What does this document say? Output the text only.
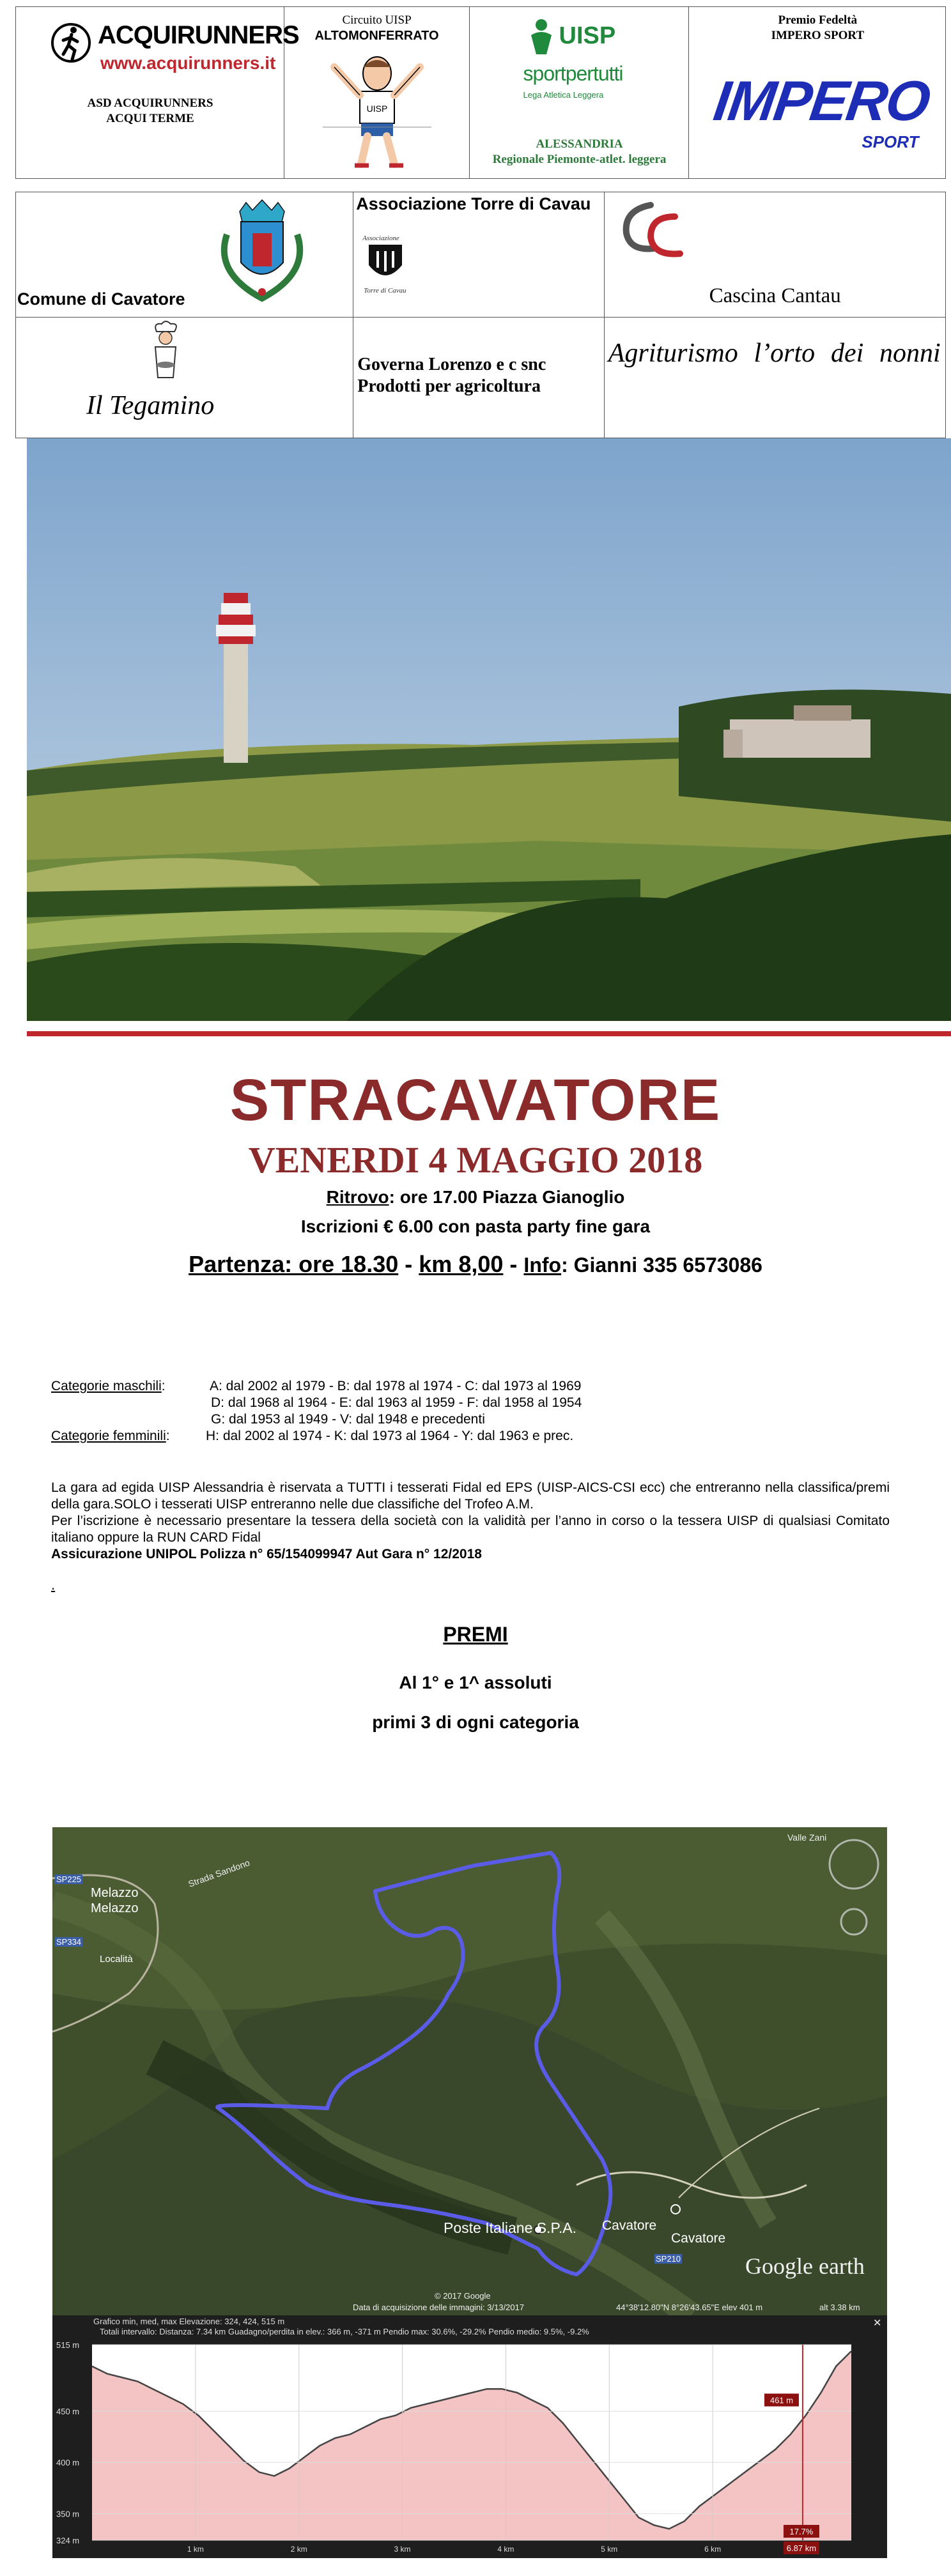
ACQUIRUNNERS
www.acquirunners.it
ASD ACQUIRUNNERS
ACQUI TERME

Circuito UISP
ALTOMONFERRATO
UISP

UISP
sportpertutti
Lega Atletica Leggera
ALESSANDRIA
Regionale Piemonte-atlet. leggera

Premio Fedeltà
IMPERO SPORT
IMPERO
SPORT
Comune di Cavatore	Associazione Torre di Cavau
Associazione
Torre di Cavau	Cascina Cantau

Il Tegamino	Governa Lorenzo e c snc
Prodotti per agricoltura	Agriturismo l’orto dei nonni
STRACAVATORE
VENERDI 4 MAGGIO 2018
Ritrovo: ore 17.00 Piazza Gianoglio
Iscrizioni € 6.00 con pasta party fine gara
Partenza: ore 18.30 - km 8,00 - Info: Gianni 335 6573086
Categorie maschili:	A: dal 2002 al 1979 - B: dal 1978 al 1974 - C: dal 1973 al 1969
D: dal 1968 al 1964 - E: dal 1963 al 1959 - F: dal 1958 al 1954
G: dal 1953 al 1949 - V: dal 1948 e precedenti
Categorie femminili:	H: dal 2002 al 1974 - K: dal 1973 al 1964 - Y: dal 1963 e prec.
La gara ad egida UISP Alessandria è riservata a TUTTI i tesserati Fidal ed EPS (UISP-AICS-CSI ecc) che entreranno nella classifica/premi della gara.SOLO i tesserati UISP entreranno nelle due classifiche del Trofeo A.M.
Per l’iscrizione è necessario presentare la tessera della società con la validità per l’anno in corso o la tessera UISP di qualsiasi Comitato italiano oppure la RUN CARD Fidal
Assicurazione UNIPOL Polizza n° 65/154099947 Aut Gara n° 12/2018
.
PREMI
Al 1° e 1^ assoluti
primi 3 di ogni categoria
SP225
Melazzo
Melazzo
SP334
Località
Strada Sandono
Valle Zani
Poste Italiane S.P.A. Cavatore
Cavatore
SP210
© 2017 Google
Google earth
Data di acquisizione delle immagini: 3/13/2017	44°38'12.80"N 8°26'43.65"E elev 401 m	alt 3.38 km
Grafico min, med, max Elevazione: 324, 424, 515 m
Totali intervallo: Distanza: 7.34 km Guadagno/perdita in elev.: 366 m, -371 m Pendio max: 30.6%, -29.2% Pendio medio: 9.5%, -9.2%
✕
1 km	2 km	3 km	4 km	5 km	6 km
515 m
450 m
400 m
350 m
324 m
461 m
17.7%
6.87 km
